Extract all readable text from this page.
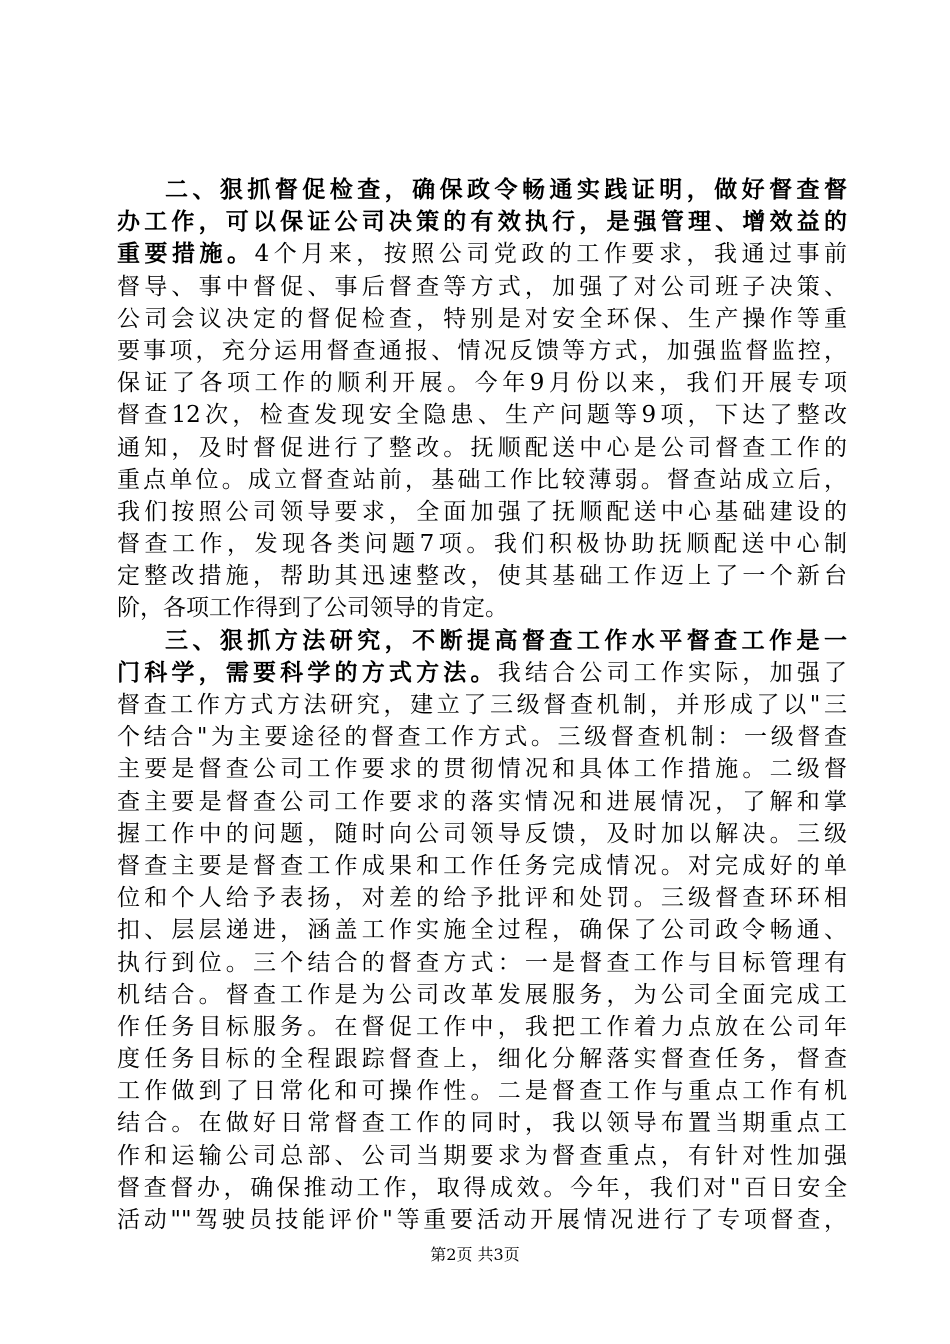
二、狠抓督促检查，确保政令畅通实践证明，做好督查督
办工作，可以保证公司决策的有效执行，是强管理、增效益的
重要措施。4个月来，按照公司党政的工作要求，我通过事前
督导、事中督促、事后督查等方式，加强了对公司班子决策、
公司会议决定的督促检查，特别是对安全环保、生产操作等重
要事项，充分运用督查通报、情况反馈等方式，加强监督监控，
保证了各项工作的顺利开展。今年9月份以来，我们开展专项
督查12次，检查发现安全隐患、生产问题等9项，下达了整改
通知，及时督促进行了整改。抚顺配送中心是公司督查工作的
重点单位。成立督查站前，基础工作比较薄弱。督查站成立后，
我们按照公司领导要求，全面加强了抚顺配送中心基础建设的
督查工作，发现各类问题7项。我们积极协助抚顺配送中心制
定整改措施，帮助其迅速整改，使其基础工作迈上了一个新台
阶，各项工作得到了公司领导的肯定。
三、狠抓方法研究，不断提高督查工作水平督查工作是一
门科学，需要科学的方式方法。我结合公司工作实际，加强了
督查工作方式方法研究，建立了三级督查机制，并形成了以"三
个结合"为主要途径的督查工作方式。三级督查机制：一级督查
主要是督查公司工作要求的贯彻情况和具体工作措施。二级督
查主要是督查公司工作要求的落实情况和进展情况，了解和掌
握工作中的问题，随时向公司领导反馈，及时加以解决。三级
督查主要是督查工作成果和工作任务完成情况。对完成好的单
位和个人给予表扬，对差的给予批评和处罚。三级督查环环相
扣、层层递进，涵盖工作实施全过程，确保了公司政令畅通、
执行到位。三个结合的督查方式：一是督查工作与目标管理有
机结合。督查工作是为公司改革发展服务，为公司全面完成工
作任务目标服务。在督促工作中，我把工作着力点放在公司年
度任务目标的全程跟踪督查上，细化分解落实督查任务，督查
工作做到了日常化和可操作性。二是督查工作与重点工作有机
结合。在做好日常督查工作的同时，我以领导布置当期重点工
作和运输公司总部、公司当期要求为督查重点，有针对性加强
督查督办，确保推动工作，取得成效。今年，我们对"百日安全
活动""驾驶员技能评价"等重要活动开展情况进行了专项督查，
第2页 共3页
